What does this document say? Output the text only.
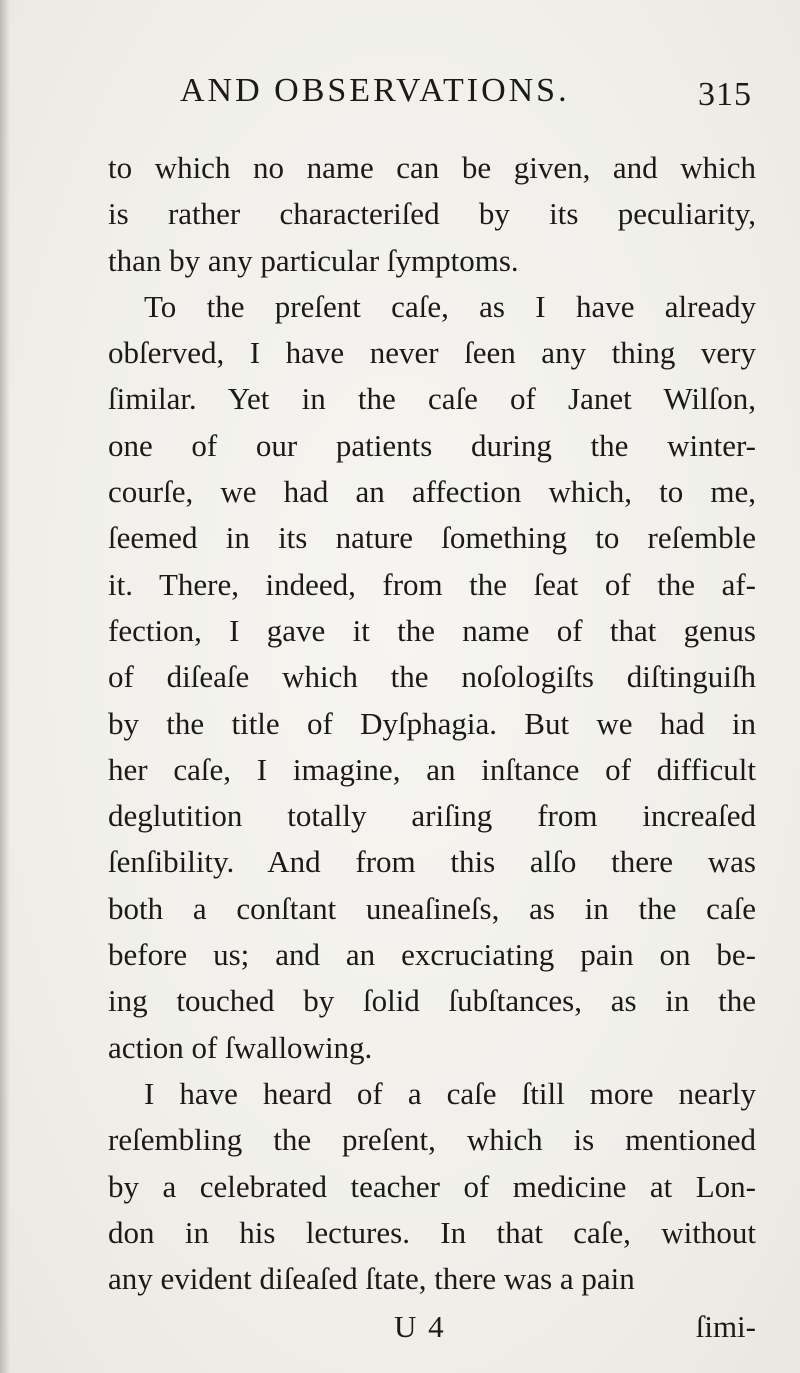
AND OBSERVATIONS.	315
to which no name can be given, and which
is rather characteriſed by its peculiarity,
than by any particular ſymptoms.
To the preſent caſe, as I have already
obſerved, I have never ſeen any thing very
ſimilar. Yet in the caſe of Janet Wilſon,
one of our patients during the winter-
courſe, we had an affection which, to me,
ſeemed in its nature ſomething to reſemble
it. There, indeed, from the ſeat of the af-
fection, I gave it the name of that genus
of diſeaſe which the noſologiſts diſtinguiſh
by the title of Dyſphagia. But we had in
her caſe, I imagine, an inſtance of difficult
deglutition totally ariſing from increaſed
ſenſibility. And from this alſo there was
both a conſtant uneaſineſs, as in the caſe
before us; and an excruciating pain on be-
ing touched by ſolid ſubſtances, as in the
action of ſwallowing.
I have heard of a caſe ſtill more nearly
reſembling the preſent, which is mentioned
by a celebrated teacher of medicine at Lon-
don in his lectures. In that caſe, without
any evident diſeaſed ſtate, there was a pain
U 4	ſimi-
